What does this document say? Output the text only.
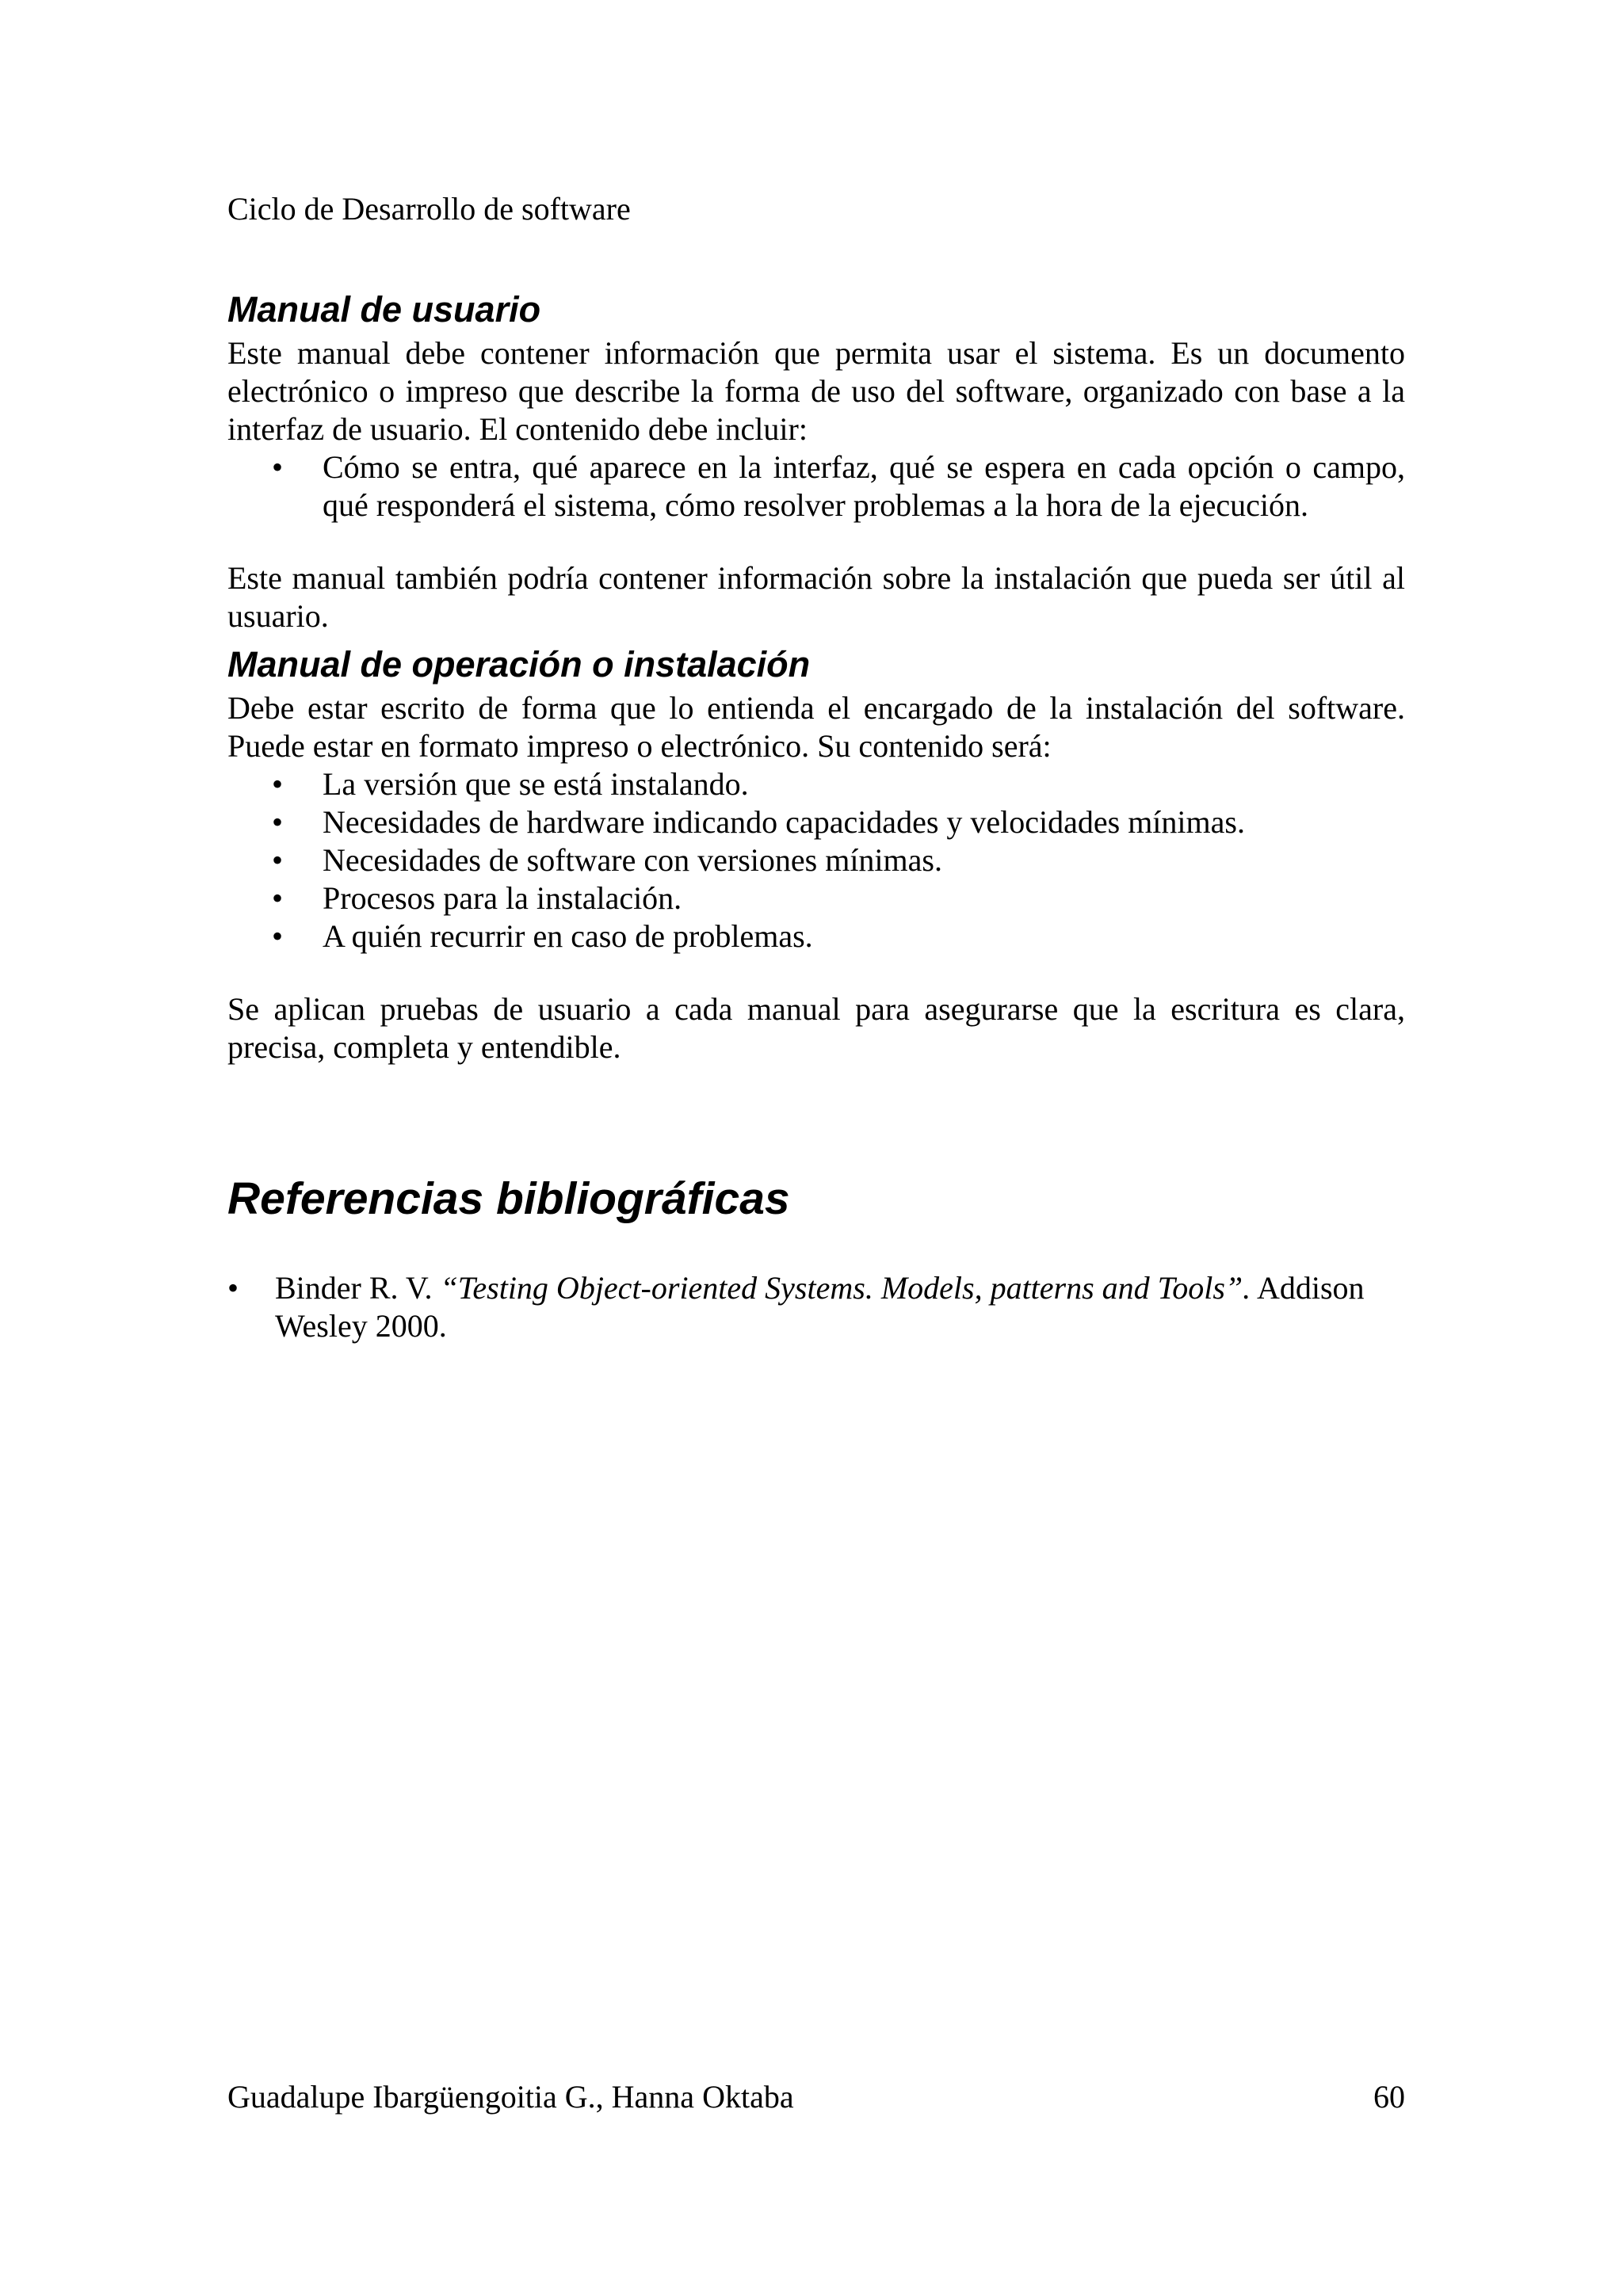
Ciclo de Desarrollo de software
Manual de usuario

Este manual debe contener información que permita usar el sistema. Es un documento electrónico o impreso que describe la forma de uso del software, organizado con base a la interfaz de usuario. El contenido debe incluir:

• Cómo se entra, qué aparece en la interfaz, qué se espera en cada opción o campo, qué responderá el sistema, cómo resolver problemas a la hora de la ejecución.

Este manual también podría contener información sobre la instalación que pueda ser útil al usuario.

Manual de operación o instalación

Debe estar escrito de forma que lo entienda el encargado de la instalación del software. Puede estar en formato impreso o electrónico. Su contenido será:

• La versión que se está instalando.
• Necesidades de hardware indicando capacidades y velocidades mínimas.
• Necesidades de software con versiones mínimas.
• Procesos para la instalación.
• A quién recurrir en caso de problemas.

Se aplican pruebas de usuario a cada manual para asegurarse que la escritura es clara, precisa, completa y entendible.

Referencias bibliográficas
• Binder R. V. “Testing Object-oriented Systems. Models, patterns and Tools”. Addison Wesley 2000.
Guadalupe Ibargüengoitia G., Hanna Oktaba	60
